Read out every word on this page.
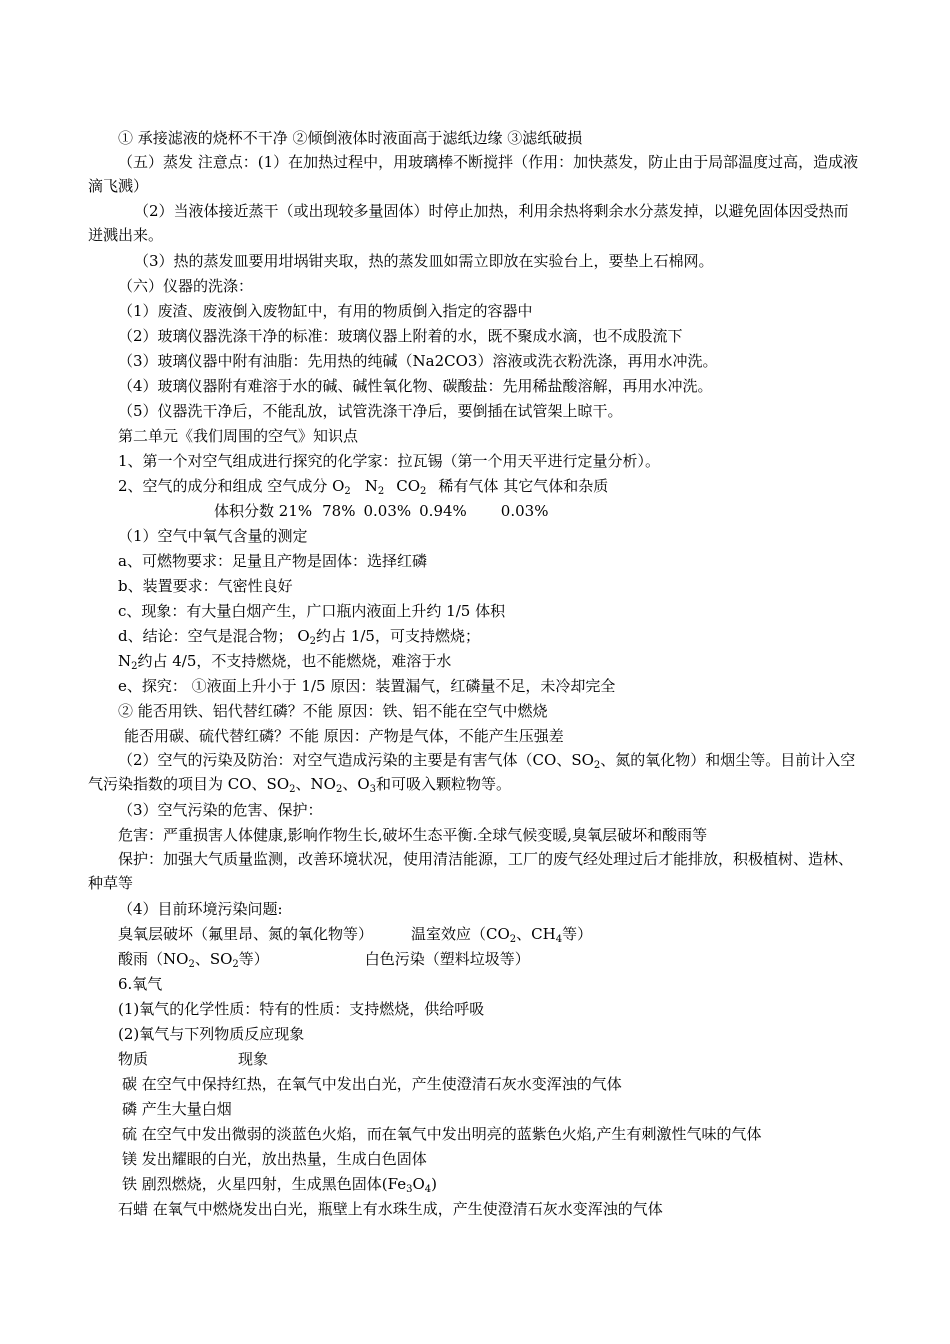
① 承接滤液的烧杯不干净 ②倾倒液体时液面高于滤纸边缘 ③滤纸破损
（五）蒸发 注意点：(1）在加热过程中，用玻璃棒不断搅拌（作用：加快蒸发，防止由于局部温度过高，造成液滴飞溅）
（2）当液体接近蒸干（或出现较多量固体）时停止加热，利用余热将剩余水分蒸发掉，以避免固体因受热而迸溅出来。
（3）热的蒸发皿要用坩埚钳夹取，热的蒸发皿如需立即放在实验台上，要垫上石棉网。
（六）仪器的洗涤：
（1）废渣、废液倒入废物缸中，有用的物质倒入指定的容器中
（2）玻璃仪器洗涤干净的标准：玻璃仪器上附着的水，既不聚成水滴，也不成股流下
（3）玻璃仪器中附有油脂：先用热的纯碱（Na2CO3）溶液或洗衣粉洗涤，再用水冲洗。
（4）玻璃仪器附有难溶于水的碱、碱性氧化物、碳酸盐：先用稀盐酸溶解，再用水冲洗。
（5）仪器洗干净后，不能乱放，试管洗涤干净后，要倒插在试管架上晾干。
第二单元《我们周围的空气》知识点
1、第一个对空气组成进行探究的化学家：拉瓦锡（第一个用天平进行定量分析）。
2、空气的成分和组成 空气成分 $O_2$ $N_2$ $CO_2$ 稀有气体 其它气体和杂质
体积分数 21% 78% 0.03% 0.94% 0.03%
（1）空气中氧气含量的测定
a、可燃物要求：足量且产物是固体：选择红磷
b、装置要求：气密性良好
c、现象：有大量白烟产生，广口瓶内液面上升约 1/5 体积
d、结论：空气是混合物； $O_2$约占 1/5，可支持燃烧；
$N_2$约占 4/5，不支持燃烧，也不能燃烧，难溶于水
e、探究： ①液面上升小于 1/5 原因：装置漏气，红磷量不足，未冷却完全
② 能否用铁、铝代替红磷？不能 原因：铁、铝不能在空气中燃烧
能否用碳、硫代替红磷？不能 原因：产物是气体，不能产生压强差
（2）空气的污染及防治：对空气造成污染的主要是有害气体（CO、$SO_2$、氮的氧化物）和烟尘等。目前计入空气污染指数的项目为 CO、$SO_2$、$NO_2$、$O_3$和可吸入颗粒物等。
（3）空气污染的危害、保护：
危害：严重损害人体健康,影响作物生长,破坏生态平衡.全球气候变暖,臭氧层破坏和酸雨等
保护：加强大气质量监测，改善环境状况，使用清洁能源，工厂的废气经处理过后才能排放，积极植树、造林、种草等
（4）目前环境污染问题:
臭氧层破坏（氟里昂、氮的氧化物等）	温室效应（$CO_2$、$CH_4$等）
酸雨（$NO_2$、$SO_2$等）	白色污染（塑料垃圾等）
6.氧气
(1)氧气的化学性质：特有的性质：支持燃烧，供给呼吸
(2)氧气与下列物质反应现象
物质	现象
碳 在空气中保持红热，在氧气中发出白光，产生使澄清石灰水变浑浊的气体
磷 产生大量白烟
硫 在空气中发出微弱的淡蓝色火焰，而在氧气中发出明亮的蓝紫色火焰,产生有刺激性气味的气体
镁 发出耀眼的白光，放出热量，生成白色固体
铁 剧烈燃烧，火星四射，生成黑色固体$(Fe_3O_4)$
石蜡 在氧气中燃烧发出白光，瓶壁上有水珠生成，产生使澄清石灰水变浑浊的气体
